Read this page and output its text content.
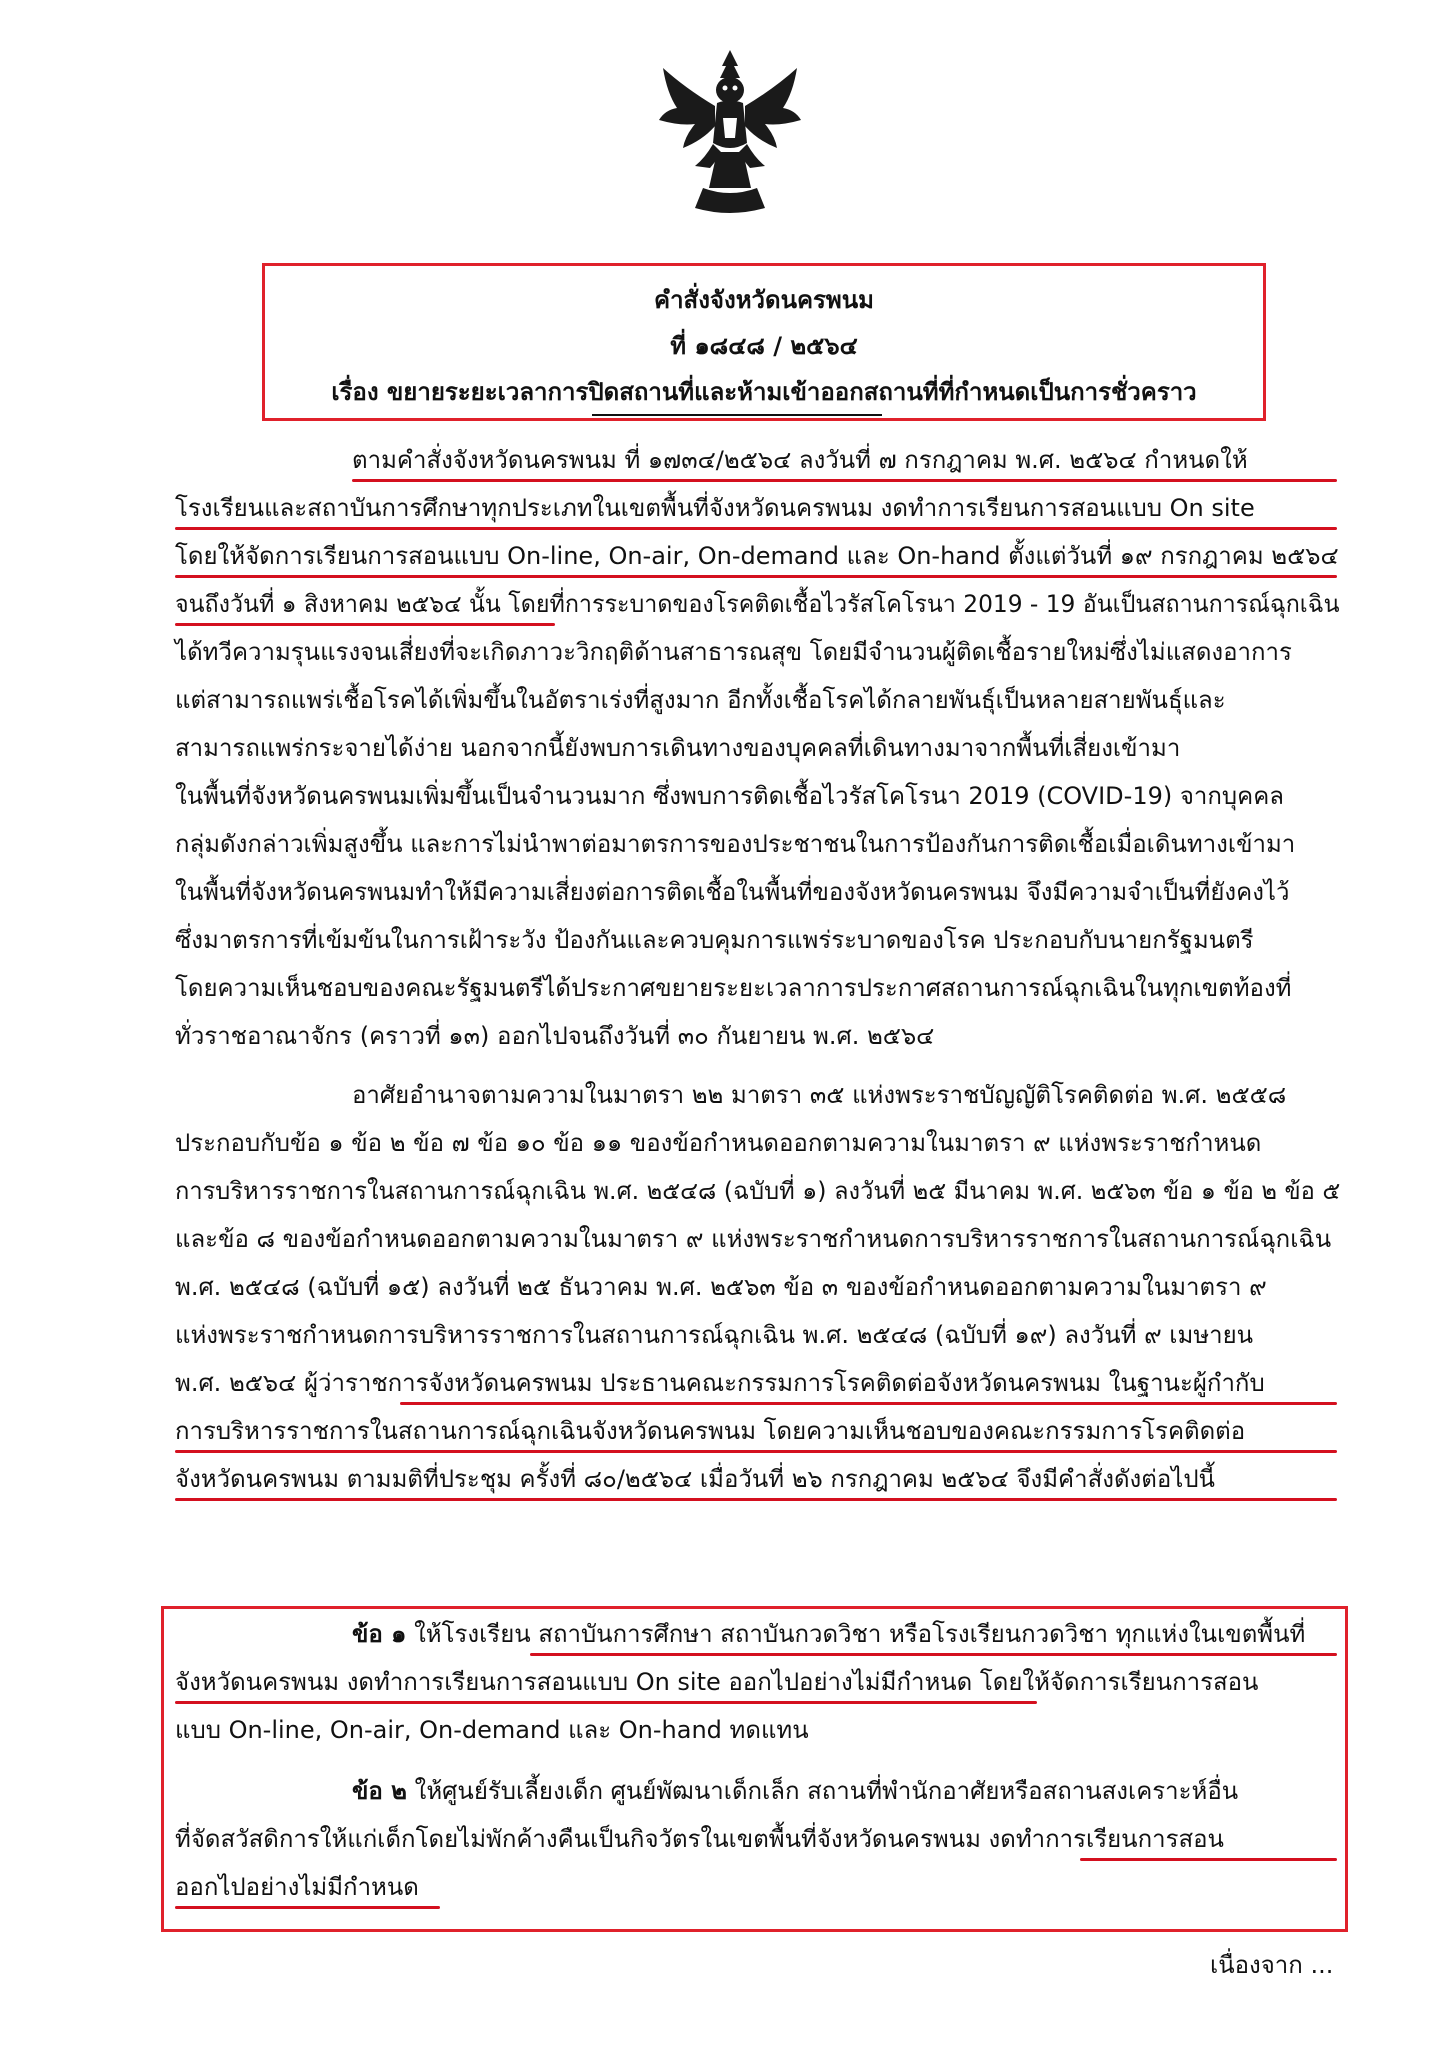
คำสั่งจังหวัดนครพนม
ที่ ๑๘๔๘ / ๒๕๖๔
เรื่อง ขยายระยะเวลาการปิดสถานที่และห้ามเข้าออกสถานที่ที่กำหนดเป็นการชั่วคราว
ตามคำสั่งจังหวัดนครพนม ที่ ๑๗๓๔/๒๕๖๔ ลงวันที่ ๗ กรกฎาคม พ.ศ. ๒๕๖๔ กำหนดให้
โรงเรียนและสถาบันการศึกษาทุกประเภทในเขตพื้นที่จังหวัดนครพนม งดทำการเรียนการสอนแบบ On site
โดยให้จัดการเรียนการสอนแบบ On-line, On-air, On-demand และ On-hand ตั้งแต่วันที่ ๑๙ กรกฎาคม ๒๕๖๔
จนถึงวันที่ ๑ สิงหาคม ๒๕๖๔ นั้น โดยที่การระบาดของโรคติดเชื้อไวรัสโคโรนา 2019 - 19 อันเป็นสถานการณ์ฉุกเฉิน
ได้ทวีความรุนแรงจนเสี่ยงที่จะเกิดภาวะวิกฤติด้านสาธารณสุข โดยมีจำนวนผู้ติดเชื้อรายใหม่ซึ่งไม่แสดงอาการ
แต่สามารถแพร่เชื้อโรคได้เพิ่มขึ้นในอัตราเร่งที่สูงมาก อีกทั้งเชื้อโรคได้กลายพันธุ์เป็นหลายสายพันธุ์และ
สามารถแพร่กระจายได้ง่าย นอกจากนี้ยังพบการเดินทางของบุคคลที่เดินทางมาจากพื้นที่เสี่ยงเข้ามา
ในพื้นที่จังหวัดนครพนมเพิ่มขึ้นเป็นจำนวนมาก ซึ่งพบการติดเชื้อไวรัสโคโรนา 2019 (COVID-19) จากบุคคล
กลุ่มดังกล่าวเพิ่มสูงขึ้น และการไม่นำพาต่อมาตรการของประชาชนในการป้องกันการติดเชื้อเมื่อเดินทางเข้ามา
ในพื้นที่จังหวัดนครพนมทำให้มีความเสี่ยงต่อการติดเชื้อในพื้นที่ของจังหวัดนครพนม จึงมีความจำเป็นที่ยังคงไว้
ซึ่งมาตรการที่เข้มข้นในการเฝ้าระวัง ป้องกันและควบคุมการแพร่ระบาดของโรค ประกอบกับนายกรัฐมนตรี
โดยความเห็นชอบของคณะรัฐมนตรีได้ประกาศขยายระยะเวลาการประกาศสถานการณ์ฉุกเฉินในทุกเขตท้องที่
ทั่วราชอาณาจักร (คราวที่ ๑๓) ออกไปจนถึงวันที่ ๓๐ กันยายน พ.ศ. ๒๕๖๔
อาศัยอำนาจตามความในมาตรา ๒๒ มาตรา ๓๕ แห่งพระราชบัญญัติโรคติดต่อ พ.ศ. ๒๕๕๘
ประกอบกับข้อ ๑ ข้อ ๒ ข้อ ๗ ข้อ ๑๐ ข้อ ๑๑ ของข้อกำหนดออกตามความในมาตรา ๙ แห่งพระราชกำหนด
การบริหารราชการในสถานการณ์ฉุกเฉิน พ.ศ. ๒๕๔๘ (ฉบับที่ ๑) ลงวันที่ ๒๕ มีนาคม พ.ศ. ๒๕๖๓ ข้อ ๑ ข้อ ๒ ข้อ ๕
และข้อ ๘ ของข้อกำหนดออกตามความในมาตรา ๙ แห่งพระราชกำหนดการบริหารราชการในสถานการณ์ฉุกเฉิน
พ.ศ. ๒๕๔๘ (ฉบับที่ ๑๕) ลงวันที่ ๒๕ ธันวาคม พ.ศ. ๒๕๖๓ ข้อ ๓ ของข้อกำหนดออกตามความในมาตรา ๙
แห่งพระราชกำหนดการบริหารราชการในสถานการณ์ฉุกเฉิน พ.ศ. ๒๕๔๘ (ฉบับที่ ๑๙) ลงวันที่ ๙ เมษายน
พ.ศ. ๒๕๖๔ ผู้ว่าราชการจังหวัดนครพนม ประธานคณะกรรมการโรคติดต่อจังหวัดนครพนม ในฐานะผู้กำกับ
การบริหารราชการในสถานการณ์ฉุกเฉินจังหวัดนครพนม โดยความเห็นชอบของคณะกรรมการโรคติดต่อ
จังหวัดนครพนม ตามมติที่ประชุม ครั้งที่ ๘๐/๒๕๖๔ เมื่อวันที่ ๒๖ กรกฎาคม ๒๕๖๔ จึงมีคำสั่งดังต่อไปนี้
ข้อ ๑ ให้โรงเรียน สถาบันการศึกษา สถาบันกวดวิชา หรือโรงเรียนกวดวิชา ทุกแห่งในเขตพื้นที่
จังหวัดนครพนม งดทำการเรียนการสอนแบบ On site ออกไปอย่างไม่มีกำหนด โดยให้จัดการเรียนการสอน
แบบ On-line, On-air, On-demand และ On-hand ทดแทน
ข้อ ๒ ให้ศูนย์รับเลี้ยงเด็ก ศูนย์พัฒนาเด็กเล็ก สถานที่พำนักอาศัยหรือสถานสงเคราะห์อื่น
ที่จัดสวัสดิการให้แก่เด็กโดยไม่พักค้างคืนเป็นกิจวัตรในเขตพื้นที่จังหวัดนครพนม งดทำการเรียนการสอน
ออกไปอย่างไม่มีกำหนด
เนื่องจาก ...
